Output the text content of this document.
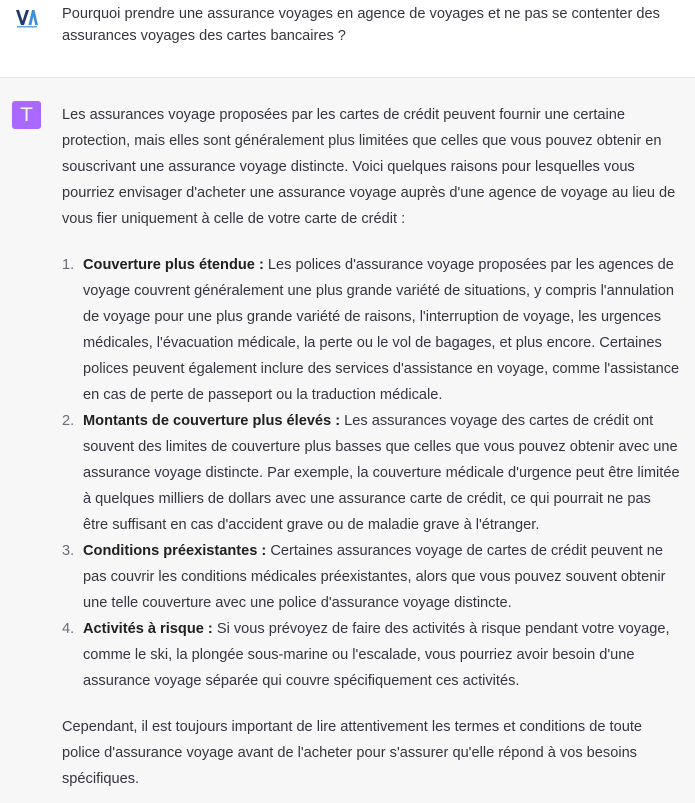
Pourquoi prendre une assurance voyages en agence de voyages et ne pas se contenter des assurances voyages des cartes bancaires ?
T	Les assurances voyage proposées par les cartes de crédit peuvent fournir une certaine protection, mais elles sont généralement plus limitées que celles que vous pouvez obtenir en souscrivant une assurance voyage distincte. Voici quelques raisons pour lesquelles vous pourriez envisager d'acheter une assurance voyage auprès d'une agence de voyage au lieu de vous fier uniquement à celle de votre carte de crédit :

1. Couverture plus étendue : Les polices d'assurance voyage proposées par les agences de voyage couvrent généralement une plus grande variété de situations, y compris l'annulation de voyage pour une plus grande variété de raisons, l'interruption de voyage, les urgences médicales, l'évacuation médicale, la perte ou le vol de bagages, et plus encore. Certaines polices peuvent également inclure des services d'assistance en voyage, comme l'assistance en cas de perte de passeport ou la traduction médicale.
2. Montants de couverture plus élevés : Les assurances voyage des cartes de crédit ont souvent des limites de couverture plus basses que celles que vous pouvez obtenir avec une assurance voyage distincte. Par exemple, la couverture médicale d'urgence peut être limitée à quelques milliers de dollars avec une assurance carte de crédit, ce qui pourrait ne pas être suffisant en cas d'accident grave ou de maladie grave à l'étranger.
3. Conditions préexistantes : Certaines assurances voyage de cartes de crédit peuvent ne pas couvrir les conditions médicales préexistantes, alors que vous pouvez souvent obtenir une telle couverture avec une police d'assurance voyage distincte.
4. Activités à risque : Si vous prévoyez de faire des activités à risque pendant votre voyage, comme le ski, la plongée sous-marine ou l'escalade, vous pourriez avoir besoin d'une assurance voyage séparée qui couvre spécifiquement ces activités.

Cependant, il est toujours important de lire attentivement les termes et conditions de toute police d'assurance voyage avant de l'acheter pour s'assurer qu'elle répond à vos besoins spécifiques.
